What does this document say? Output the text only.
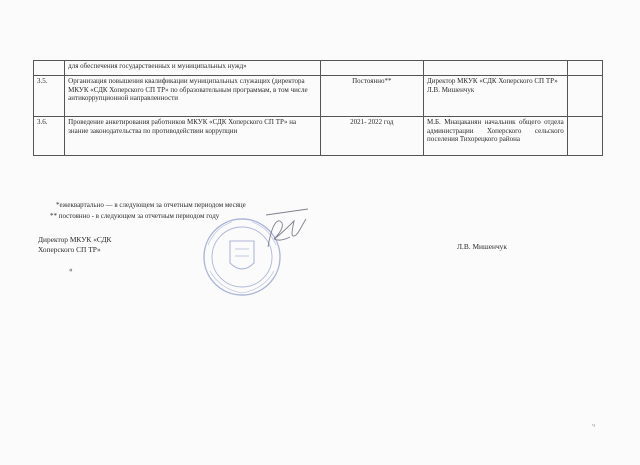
	для обеспечения государственных и муниципальных нужд»			
3.5.	Организация повышения квалификации муниципальных служащих (директора МКУК «СДК Хоперского СП ТР» по образовательным программам, в том числе антикоррупционной направленности	Постоянно**	Директор МКУК «СДК Хоперского СП ТР» Л.В. Мишенчук	
3.6.	Проведение анкетирования работников МКУК «СДК Хоперского СП ТР» на знание законодательства по противодействии коррупции	2021- 2022 год	М.Б. Мнацаканян начальник общего отдела администрации Хоперского сельского поселения Тихорецкого района	
*ежеквартально — в следующем за отчетным периодом месяце
** постоянно - в следующем за отчетным периодом году
Директор МКУК «СДК
Хоперского СП ТР»	Л.В. Мишенчук
«
ч
